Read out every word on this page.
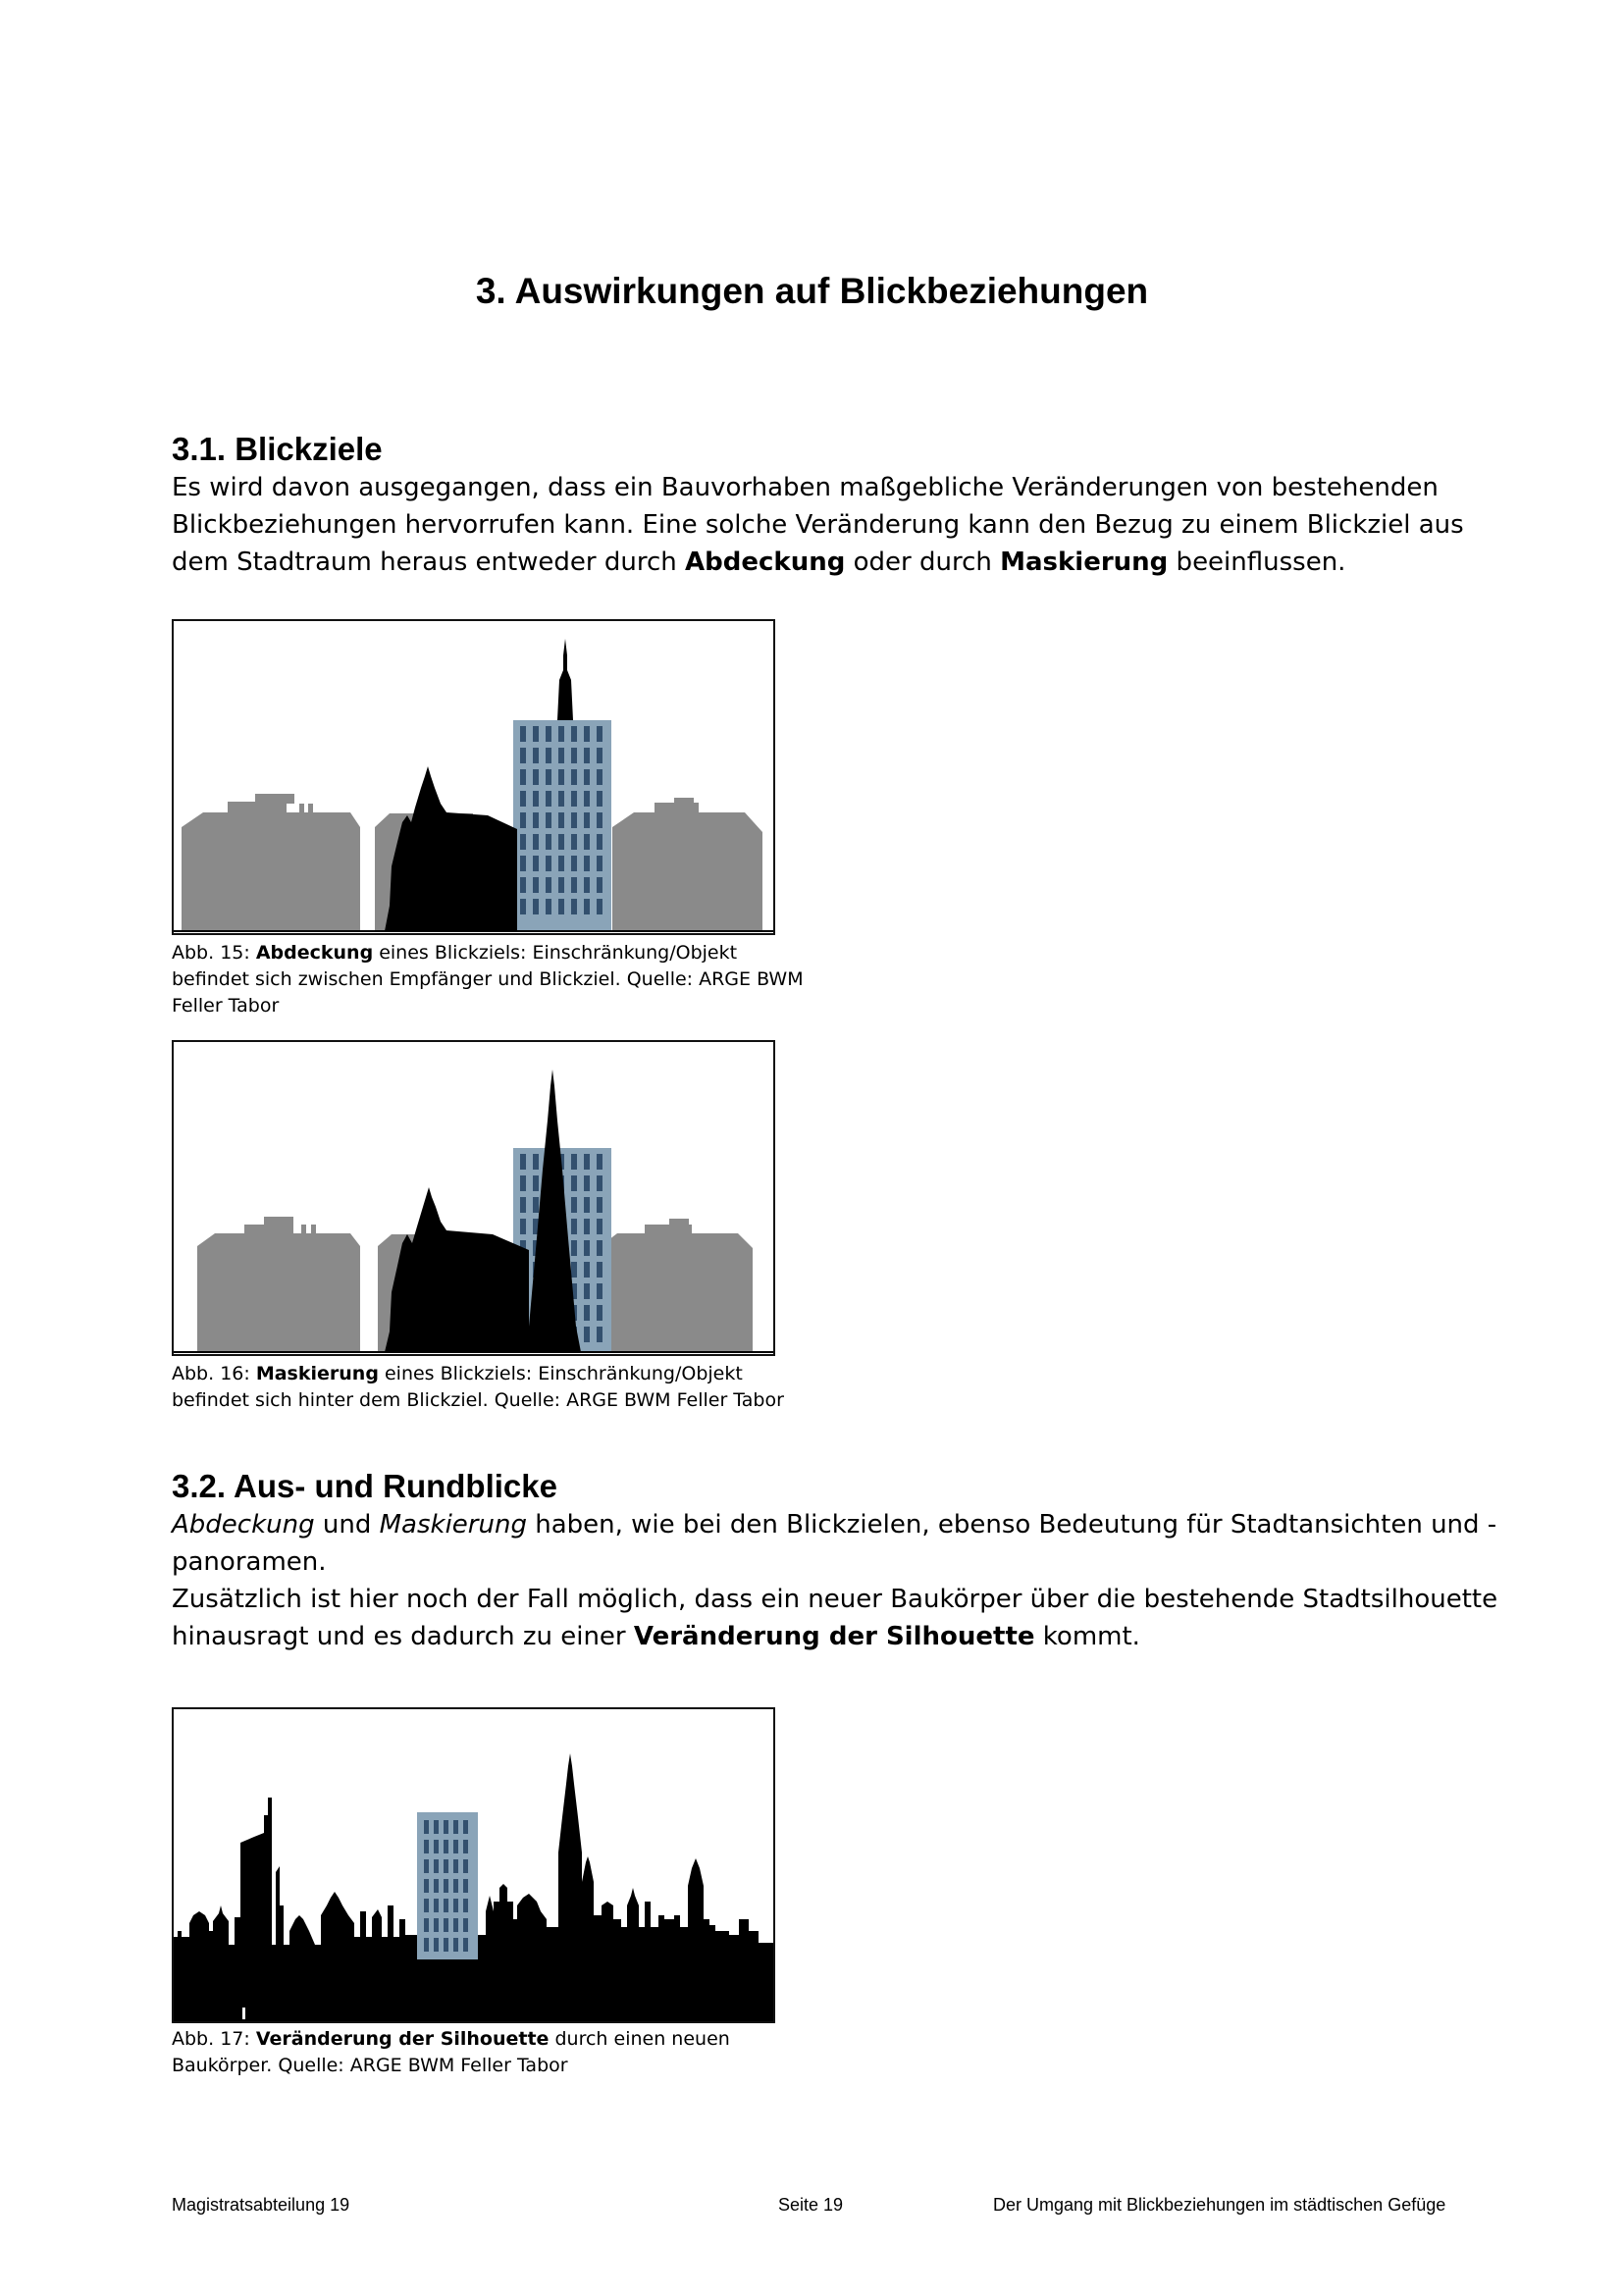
3. Auswirkungen auf Blickbeziehungen
3.1. Blickziele
Es wird davon ausgegangen, dass ein Bauvorhaben maßgebliche Veränderungen von bestehenden
Blickbeziehungen hervorrufen kann. Eine solche Veränderung kann den Bezug zu einem Blickziel aus
dem Stadtraum heraus entweder durch Abdeckung oder durch Maskierung beeinflussen.
Abb. 15: Abdeckung eines Blickziels: Einschränkung/Objekt
befindet sich zwischen Empfänger und Blickziel. Quelle: ARGE BWM
Feller Tabor
Abb. 16: Maskierung eines Blickziels: Einschränkung/Objekt
befindet sich hinter dem Blickziel. Quelle: ARGE BWM Feller Tabor
3.2. Aus- und Rundblicke
Abdeckung und Maskierung haben, wie bei den Blickzielen, ebenso Bedeutung für Stadtansichten und -
panoramen.
Zusätzlich ist hier noch der Fall möglich, dass ein neuer Baukörper über die bestehende Stadtsilhouette
hinausragt und es dadurch zu einer Veränderung der Silhouette kommt.
Abb. 17: Veränderung der Silhouette durch einen neuen
Baukörper. Quelle: ARGE BWM Feller Tabor
Magistratsabteilung 19	Seite 19	Der Umgang mit Blickbeziehungen im städtischen Gefüge
